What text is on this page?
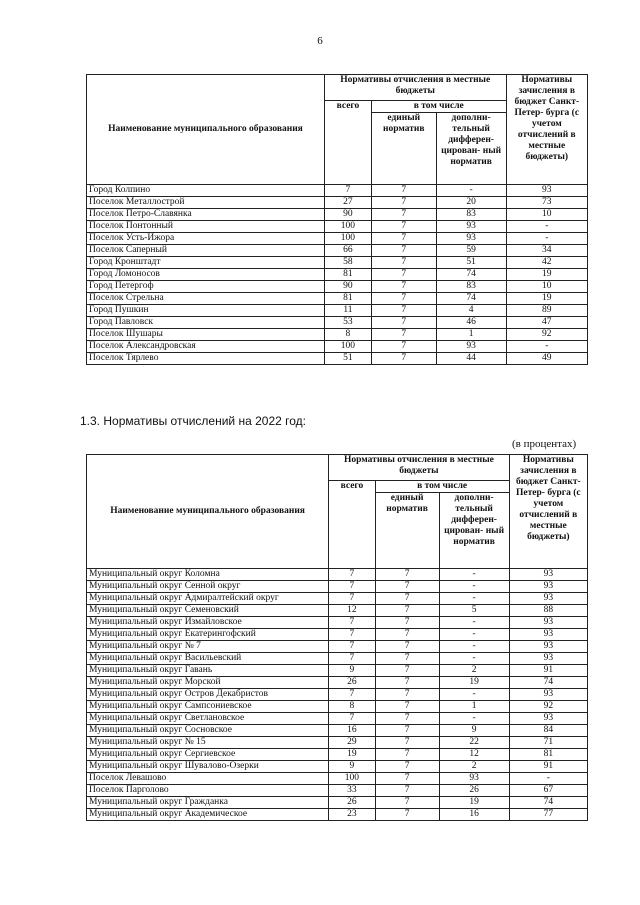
6
Наименование муниципального образования	Нормативы отчисления в местные бюджеты			Нормативы зачисления в бюджет Санкт-Петер- бурга (с учетом отчислений в местные бюджеты)
	всего	в том числе		
		единый норматив	дополни- тельный дифферен- цирован- ный норматив	
Город Колпино	7	7	-	93
Поселок Металлострой	27	7	20	73
Поселок Петро-Славянка	90	7	83	10
Поселок Понтонный	100	7	93	-
Поселок Усть-Ижора	100	7	93	-
Поселок Саперный	66	7	59	34
Город Кронштадт	58	7	51	42
Город Ломоносов	81	7	74	19
Город Петергоф	90	7	83	10
Поселок Стрельна	81	7	74	19
Город Пушкин	11	7	4	89
Город Павловск	53	7	46	47
Поселок Шушары	8	7	1	92
Поселок Александровская	100	7	93	-
Поселок Тярлево	51	7	44	49
1.3. Нормативы отчислений на 2022 год:
(в процентах)
Наименование муниципального образования	Нормативы отчисления в местные бюджеты			Нормативы зачисления в бюджет Санкт-Петер- бурга (с учетом отчислений в местные бюджеты)
	всего	в том числе		
		единый норматив	дополни- тельный дифферен- цирован- ный норматив	
Муниципальный округ Коломна	7	7	-	93
Муниципальный округ Сенной округ	7	7	-	93
Муниципальный округ Адмиралтейский округ	7	7	-	93
Муниципальный округ Семеновский	12	7	5	88
Муниципальный округ Измайловское	7	7	-	93
Муниципальный округ Екатерингофский	7	7	-	93
Муниципальный округ № 7	7	7	-	93
Муниципальный округ Васильевский	7	7	-	93
Муниципальный округ Гавань	9	7	2	91
Муниципальный округ Морской	26	7	19	74
Муниципальный округ Остров Декабристов	7	7	-	93
Муниципальный округ Сампсониевское	8	7	1	92
Муниципальный округ Светлановское	7	7	-	93
Муниципальный округ Сосновское	16	7	9	84
Муниципальный округ № 15	29	7	22	71
Муниципальный округ Сергиевское	19	7	12	81
Муниципальный округ Шувалово-Озерки	9	7	2	91
Поселок Левашово	100	7	93	-
Поселок Парголово	33	7	26	67
Муниципальный округ Гражданка	26	7	19	74
Муниципальный округ Академическое	23	7	16	77
